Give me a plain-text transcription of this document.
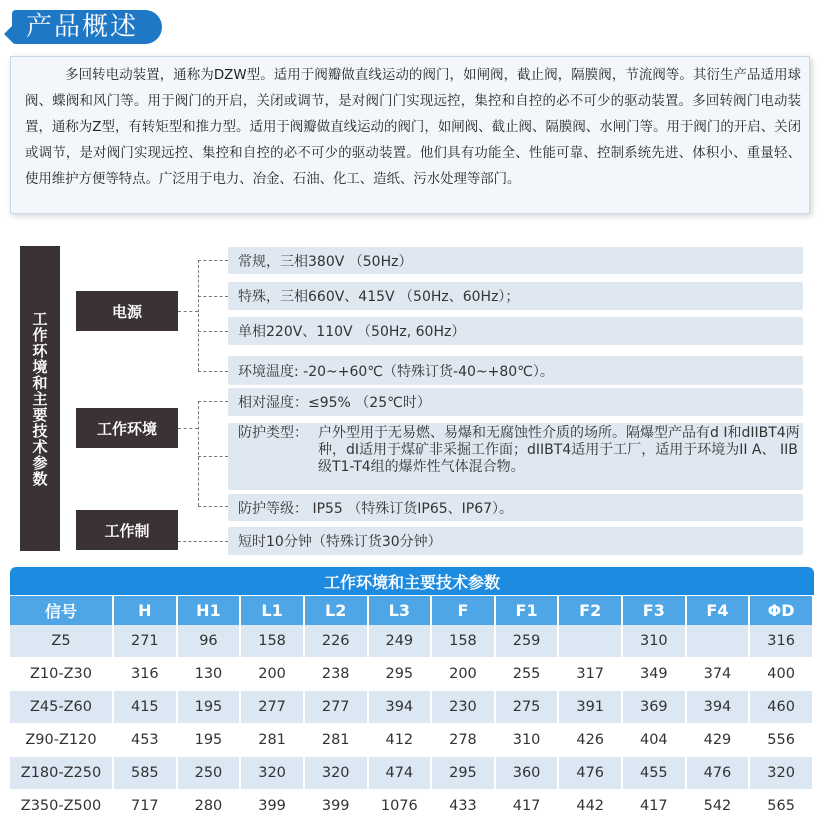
产品概述
多回转电动装置，通称为DZW型。适用于阀瓣做直线运动的阀门，如闸阀，截止阀，隔膜阀，节流阀等。其衍生产品适用球阀、蝶阀和风门等。用于阀门的开启，关闭或调节，是对阀门门实现远控，集控和自控的必不可少的驱动装置。多回转阀门电动装置，通称为Z型，有转矩型和推力型。适用于阀瓣做直线运动的阀门，如闸阀、截止阀、隔膜阀、水闸门等。用于阀门的开启、关闭或调节，是对阀门实现远控、集控和自控的必不可少的驱动装置。他们具有功能全、性能可靠、控制系统先进、体积小、重量轻、使用维护方便等特点。广泛用于电力、冶金、石油、化工、造纸、污水处理等部门。
工作环境和主要技术参数	电源
工作环境
工作制
常规，三相380V （50Hz）
特殊，三相660V、415V （50Hz、60Hz）；
单相220V、110V （50Hz, 60Hz）
环境温度: -20~+60℃（特殊订货-40~+80℃）。
相对湿度：≤95% （25℃时）
防护类型： 户外型用于无易燃、易爆和无腐蚀性介质的场所。隔爆型产品有d I和dIIBT4两种，dI适用于煤矿非采掘工作面；dIIBT4适用于工厂，适用于环境为II A、 IIB级T1-T4组的爆炸性气体混合物。
防护等级： IP55 （特殊订货IP65、IP67）。
短时10分钟（特殊订货30分钟）
工作环境和主要技术参数
信号	H	H1	L1	L2	L3	F	F1	F2	F3	F4	ΦD
Z5	271	96	158	226	249	158	259		310		316
Z10-Z30	316	130	200	238	295	200	255	317	349	374	400
Z45-Z60	415	195	277	277	394	230	275	391	369	394	460
Z90-Z120	453	195	281	281	412	278	310	426	404	429	556
Z180-Z250	585	250	320	320	474	295	360	476	455	476	320
Z350-Z500	717	280	399	399	1076	433	417	442	417	542	565
